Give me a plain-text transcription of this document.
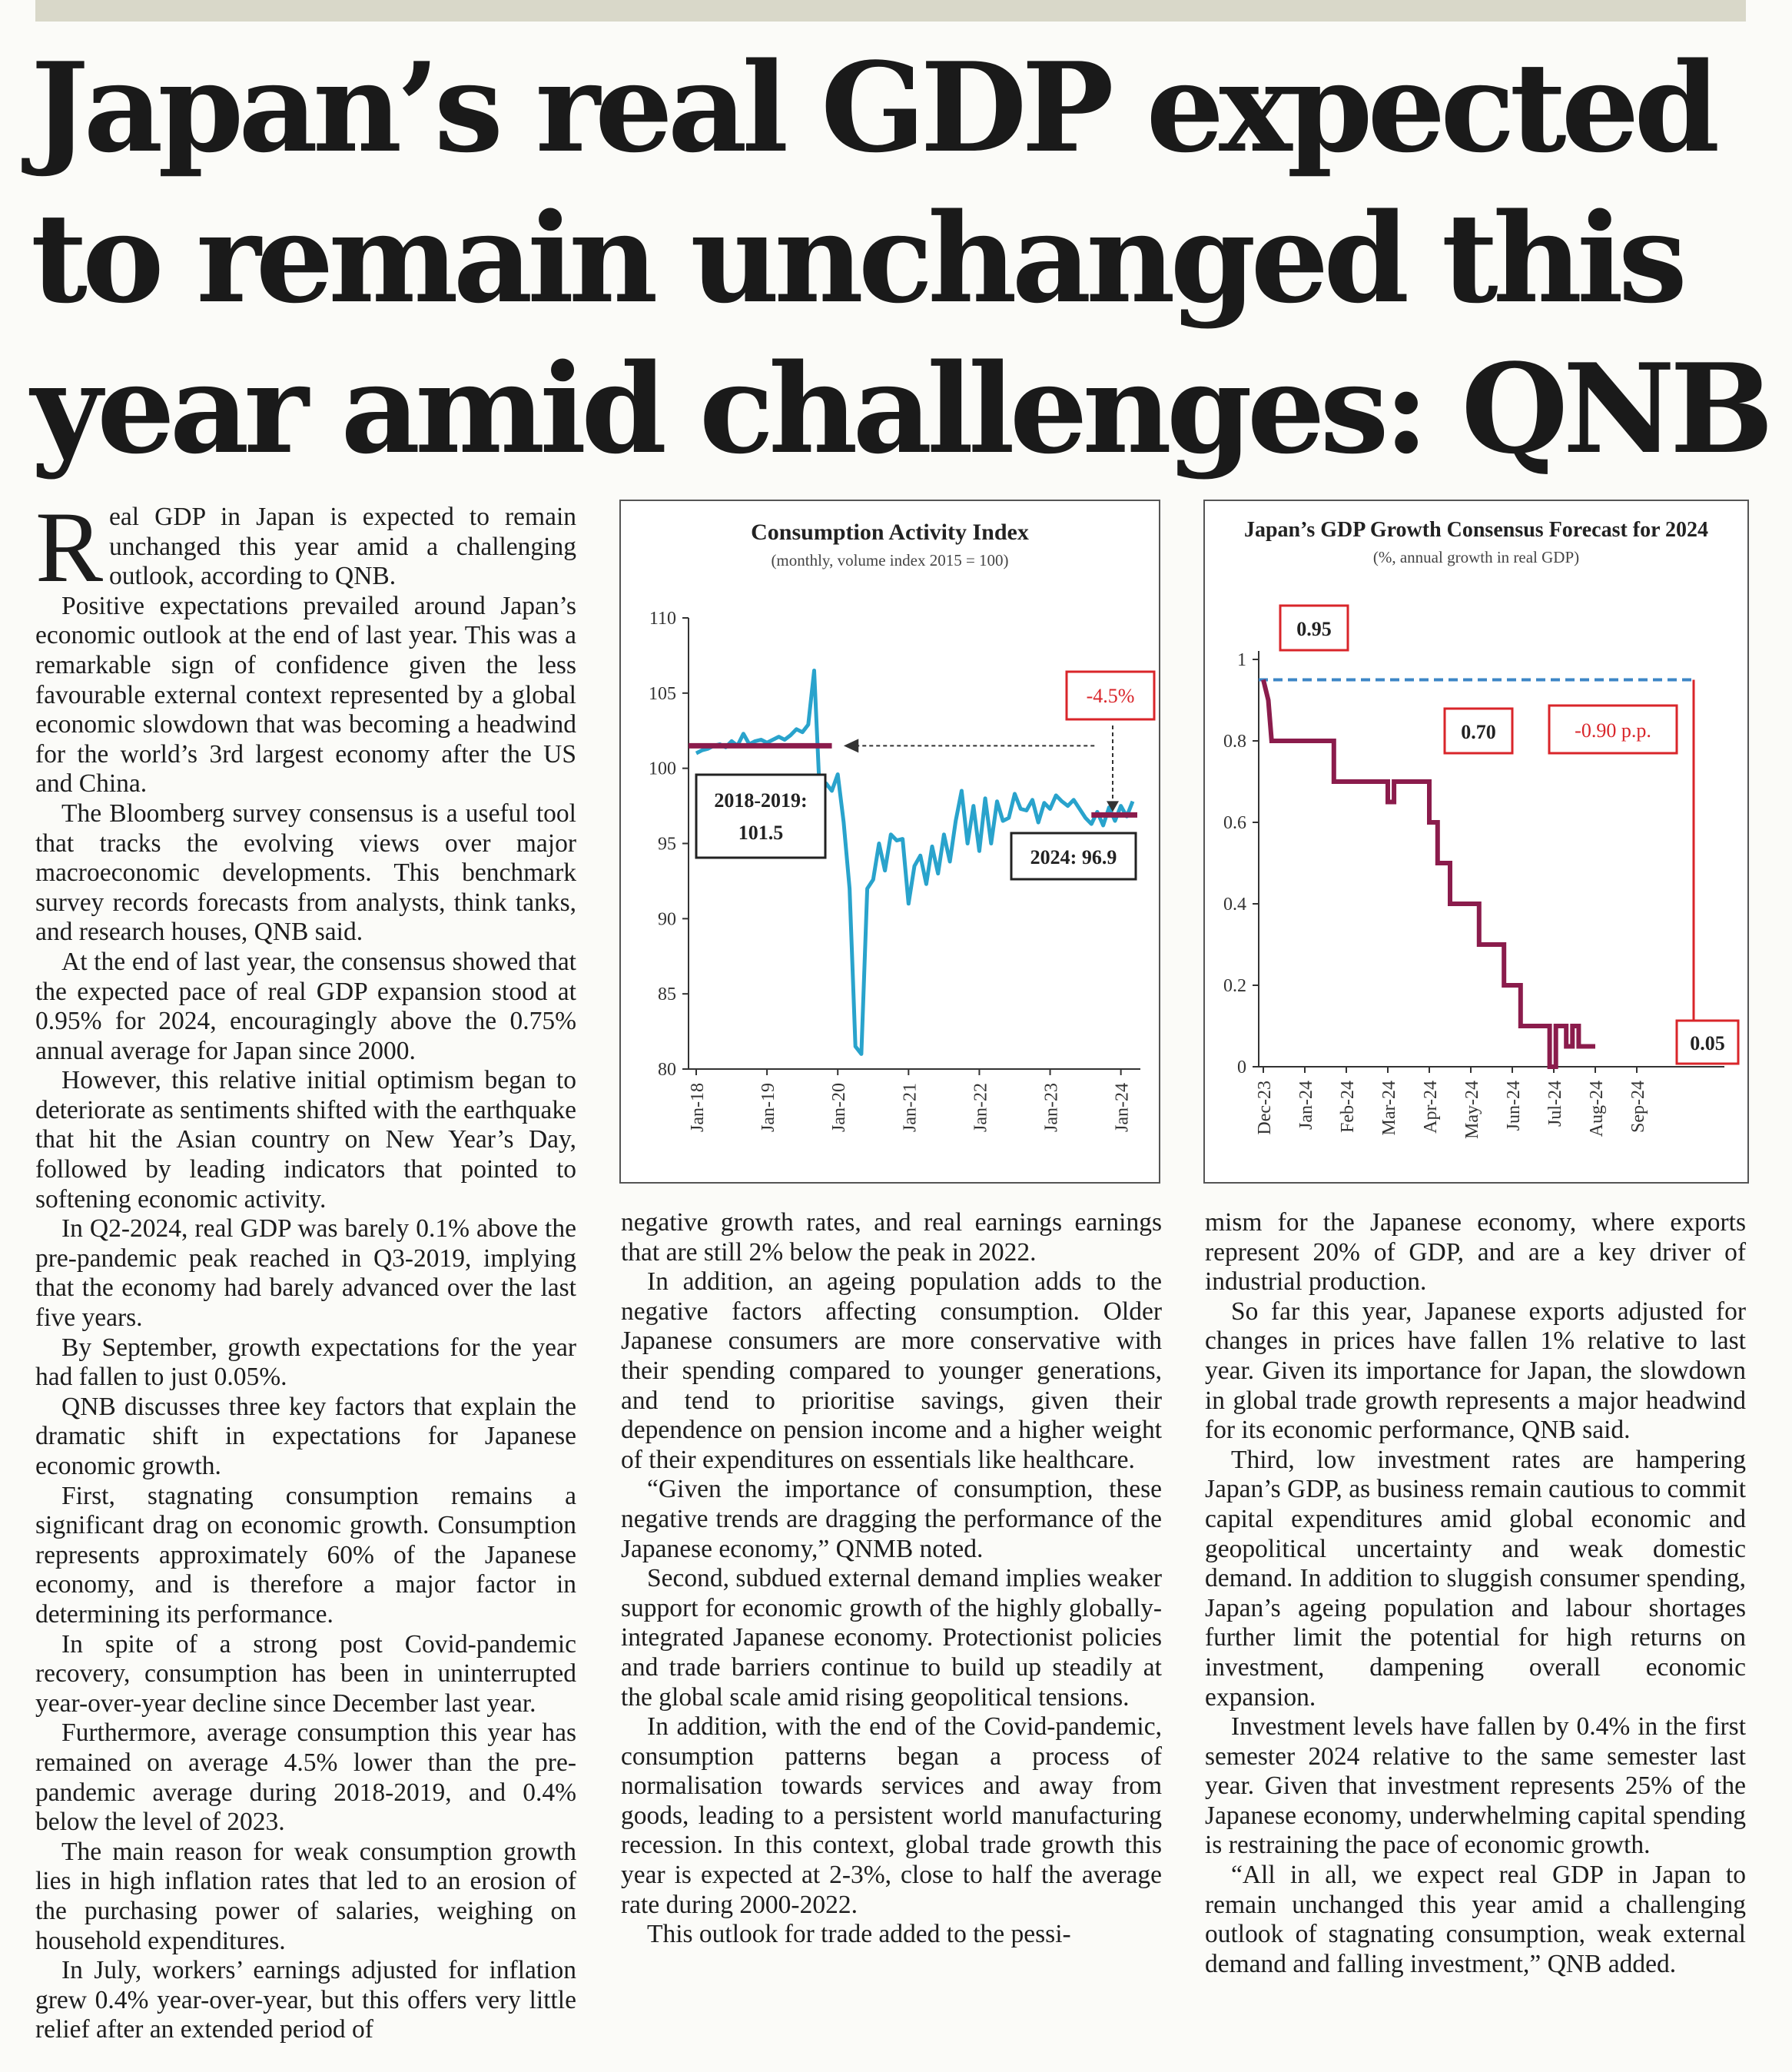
Japan’s real GDP expected
to remain unchanged this
year amid challenges: QNB

Real GDP in Japan is expected to remain unchanged this year amid a challenging outlook, according to QNB.

Positive expectations prevailed around Japan’s economic outlook at the end of last year. This was a remarkable sign of confidence given the less favourable external context represented by a global economic slowdown that was becoming a headwind for the world’s 3rd largest economy after the US and China.

The Bloomberg survey consensus is a useful tool that tracks the evolving views over major macroeconomic developments. This benchmark survey records forecasts from analysts, think tanks, and research houses, QNB said.

At the end of last year, the consensus showed that the expected pace of real GDP expansion stood at 0.95% for 2024, encouragingly above the 0.75% annual average for Japan since 2000.

However, this relative initial optimism began to deteriorate as sentiments shifted with the earthquake that hit the Asian country on New Year’s Day, followed by leading indicators that pointed to softening economic activity.

In Q2-2024, real GDP was barely 0.1% above the pre-pandemic peak reached in Q3-2019, implying that the economy had barely advanced over the last five years.

By September, growth expectations for the year had fallen to just 0.05%.

QNB discusses three key factors that explain the dramatic shift in expectations for Japanese economic growth.

First, stagnating consumption remains a significant drag on economic growth. Consumption represents approximately 60% of the Japanese economy, and is therefore a major factor in determining its performance.

In spite of a strong post Covid-pandemic recovery, consumption has been in uninterrupted year-over-year decline since December last year.

Furthermore, average consumption this year has remained on average 4.5% lower than the pre-pandemic average during 2018-2019, and 0.4% below the level of 2023.

The main reason for weak consumption growth lies in high inflation rates that led to an erosion of the purchasing power of salaries, weighing on household expenditures.

In July, workers’ earnings adjusted for inflation grew 0.4% year-over-year, but this offers very little relief after an extended period of

Consumption Activity Index
(monthly, volume index 2015 = 100)
110
105
100
95
90
85
80
Jan-18	Jan-19	Jan-20	Jan-21	Jan-22	Jan-23	Jan-24
-4.5%
2018-2019:
101.5
2024: 96.9
Japan’s GDP Growth Consensus Forecast for 2024
(%, annual growth in real GDP)
1
0.8
0.6
0.4
0.2
0
Dec-23 Jan-24 Feb-24 Mar-24 Apr-24 May-24 Jun-24 Jul-24 Aug-24 Sep-24
0.95
0.70	-0.90 p.p.
0.05

negative growth rates, and real earnings earnings that are still 2% below the peak in 2022.

In addition, an ageing population adds to the negative factors affecting consumption. Older Japanese consumers are more conservative with their spending compared to younger generations, and tend to prioritise savings, given their dependence on pension income and a higher weight of their expenditures on essentials like healthcare.

“Given the importance of consumption, these negative trends are dragging the performance of the Japanese economy,” QNMB noted.

Second, subdued external demand implies weaker support for economic growth of the highly globally-integrated Japanese economy. Protectionist policies and trade barriers continue to build up steadily at the global scale amid rising geopolitical tensions.

In addition, with the end of the Covid-pandemic, consumption patterns began a process of normalisation towards services and away from goods, leading to a persistent world manufacturing recession. In this context, global trade growth this year is expected at 2-3%, close to half the average rate during 2000-2022.

This outlook for trade added to the pessi-

mism for the Japanese economy, where exports represent 20% of GDP, and are a key driver of industrial production.

So far this year, Japanese exports adjusted for changes in prices have fallen 1% relative to last year. Given its importance for Japan, the slowdown in global trade growth represents a major headwind for its economic performance, QNB said.

Third, low investment rates are hampering Japan’s GDP, as business remain cautious to commit capital expenditures amid global economic and geopolitical uncertainty and weak domestic demand. In addition to sluggish consumer spending, Japan’s ageing population and labour shortages further limit the potential for high returns on investment, dampening overall economic expansion.

Investment levels have fallen by 0.4% in the first semester 2024 relative to the same semester last year. Given that investment represents 25% of the Japanese economy, underwhelming capital spending is restraining the pace of economic growth.

“All in all, we expect real GDP in Japan to remain unchanged this year amid a challenging outlook of stagnating consumption, weak external demand and falling investment,” QNB added.
